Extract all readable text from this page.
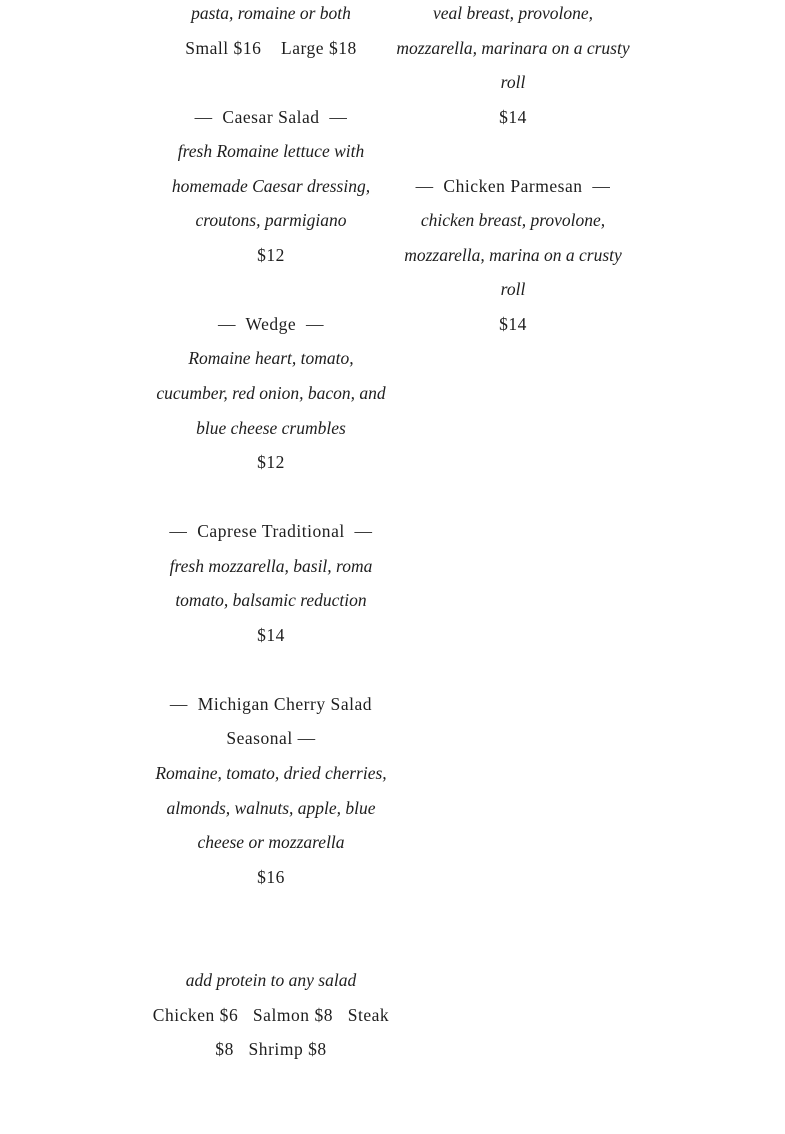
pasta, romaine or both
Small $16    Large $18

—  Caesar Salad  —
fresh Romaine lettuce with
homemade Caesar dressing,
croutons, parmigiano
$12

—  Wedge  —
Romaine heart, tomato,
cucumber, red onion, bacon, and
blue cheese crumbles
$12

—  Caprese Traditional  —
fresh mozzarella, basil, roma
tomato, balsamic reduction
$14

—  Michigan Cherry Salad
Seasonal —
Romaine, tomato, dried cherries,
almonds, walnuts, apple, blue
cheese or mozzarella
$16

add protein to any salad
Chicken $6   Salmon $8   Steak
$8   Shrimp $8
veal breast, provolone,
mozzarella, marinara on a crusty
roll
$14

—  Chicken Parmesan  —
chicken breast, provolone,
mozzarella, marina on a crusty
roll
$14
